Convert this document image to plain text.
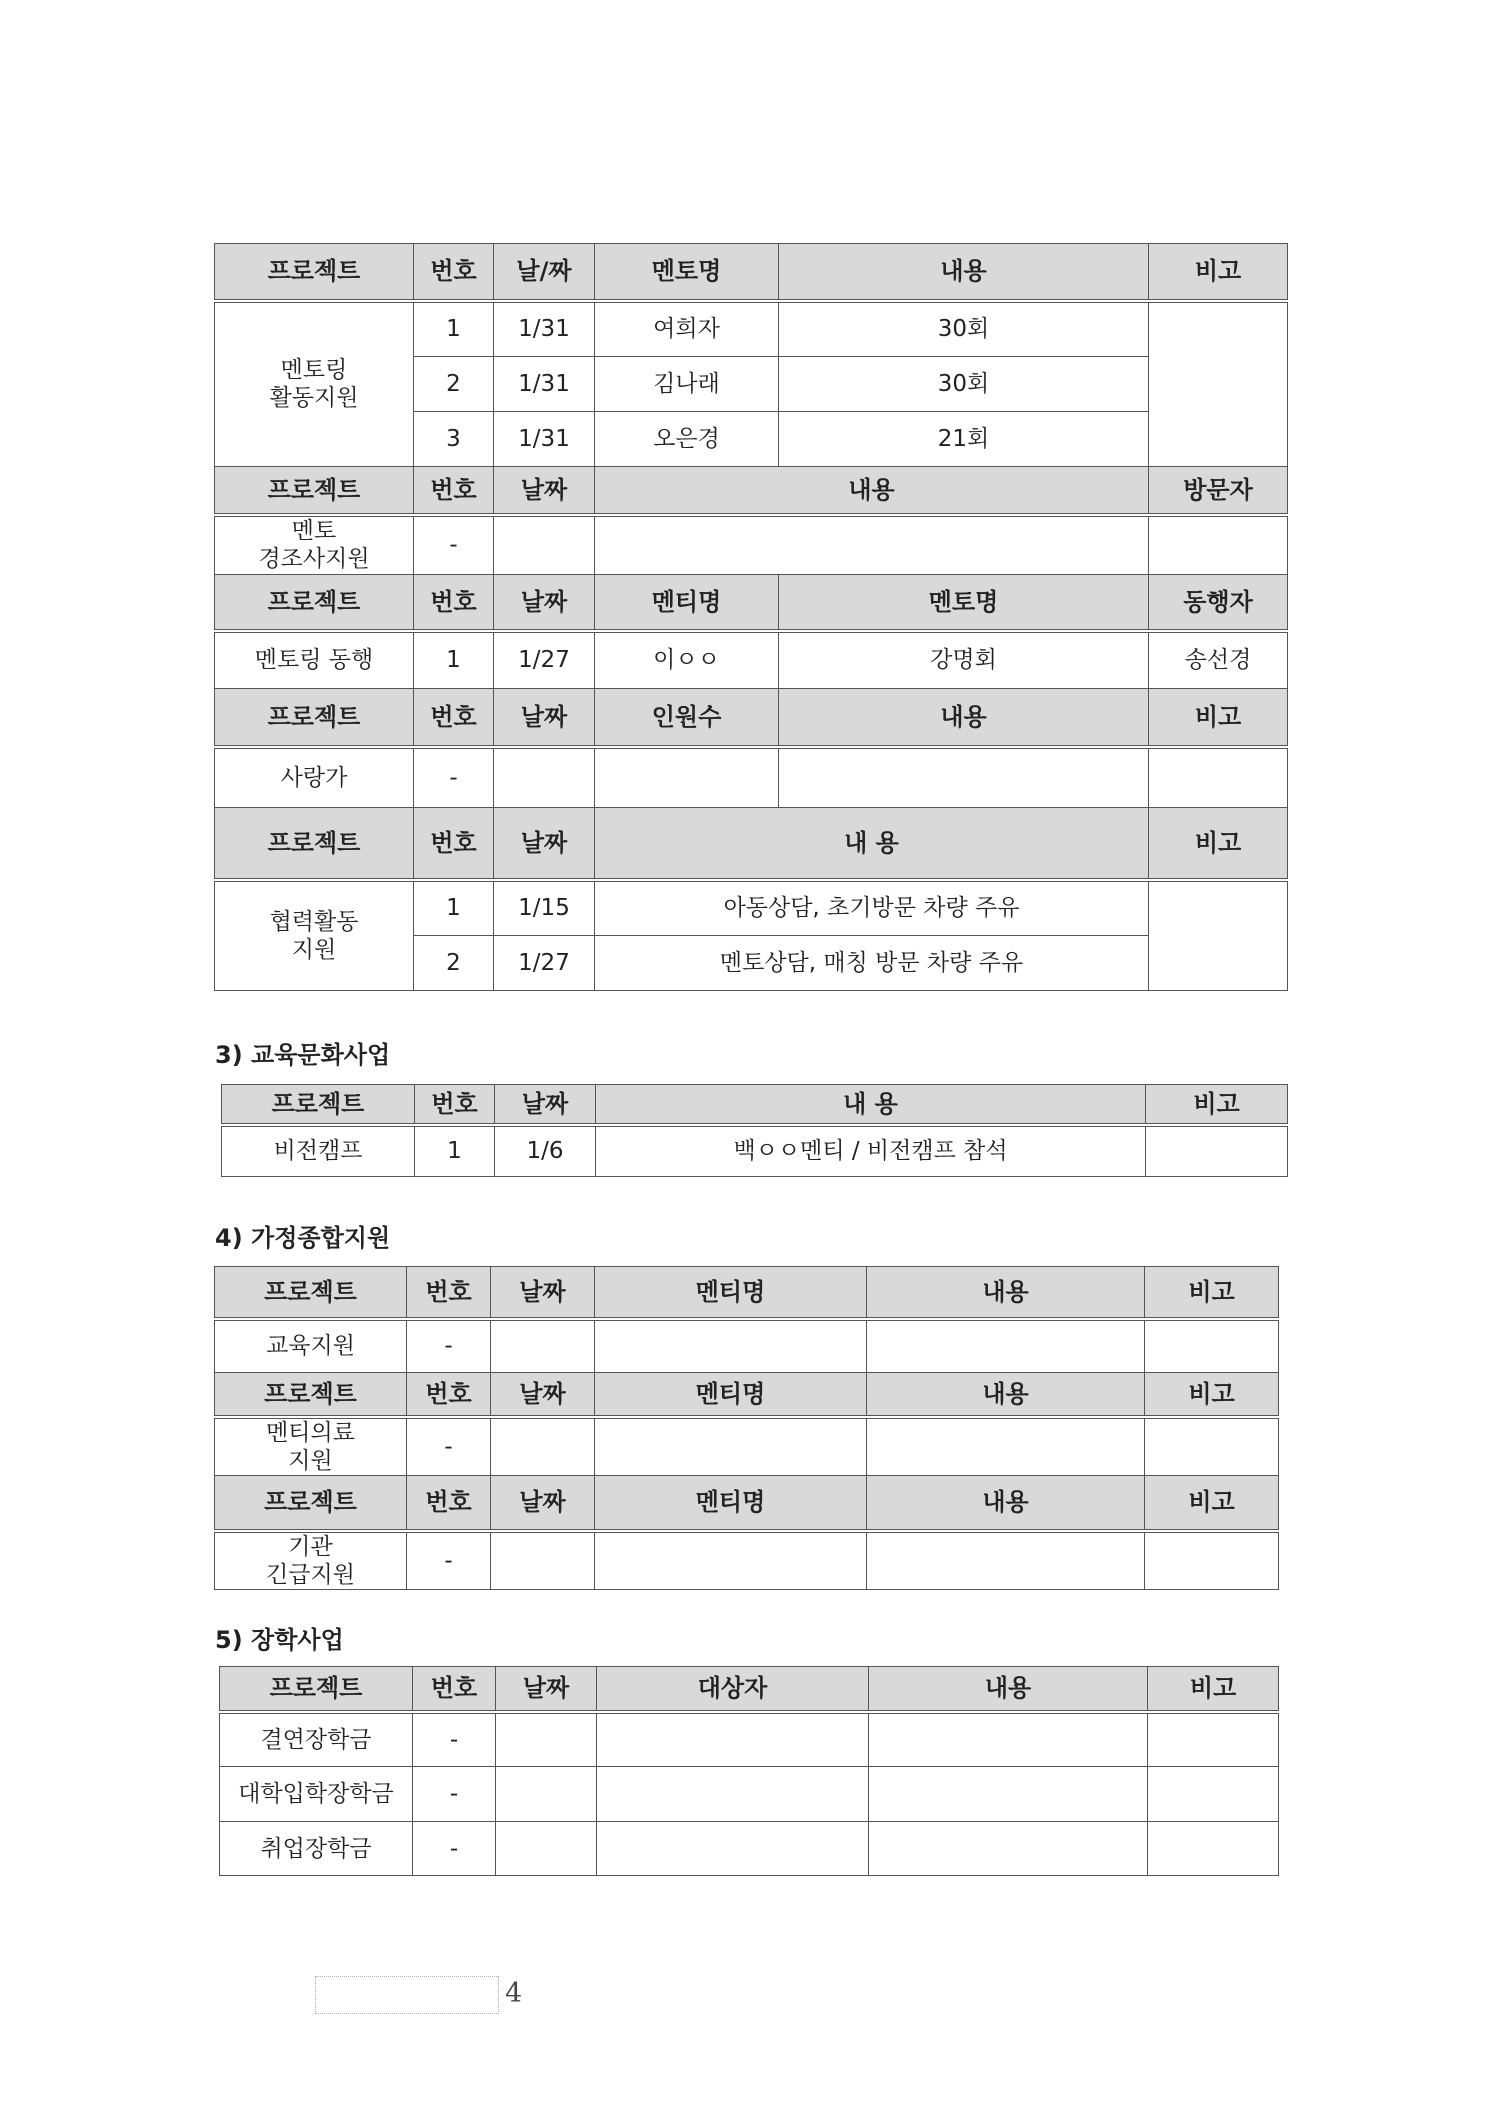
프로젝트	번호	날/짜	멘토명	내용	비고

멘토링
활동지원	1	1/31	여희자	30회	
	2	1/31	김나래	30회	
	3	1/31	오은경	21회	
프로젝트	번호	날짜	내용		방문자

멘토
경조사지원	-				
프로젝트	번호	날짜	멘티명	멘토명	동행자
멘토링 동행	1	1/27	이ㅇㅇ	강명회	송선경
프로젝트	번호	날짜	인원수	내용	비고
사랑가	-				
프로젝트	번호	날짜	내 용		비고

협력활동
지원	1	1/15	아동상담, 초기방문 차량 주유		
	2	1/27	멘토상담, 매칭 방문 차량 주유		
3) 교육문화사업
프로젝트	번호	날짜	내 용	비고
비전캠프	1	1/6	백ㅇㅇ멘티 / 비전캠프 참석	
4) 가정종합지원
프로젝트	번호	날짜	멘티명	내용	비고
교육지원	-				
프로젝트	번호	날짜	멘티명	내용	비고

멘티의료
지원	-				
프로젝트	번호	날짜	멘티명	내용	비고

기관
긴급지원	-				
5) 장학사업
프로젝트	번호	날짜	대상자	내용	비고
결연장학금	-				
대학입학장학금	-				
취업장학금	-				
4
